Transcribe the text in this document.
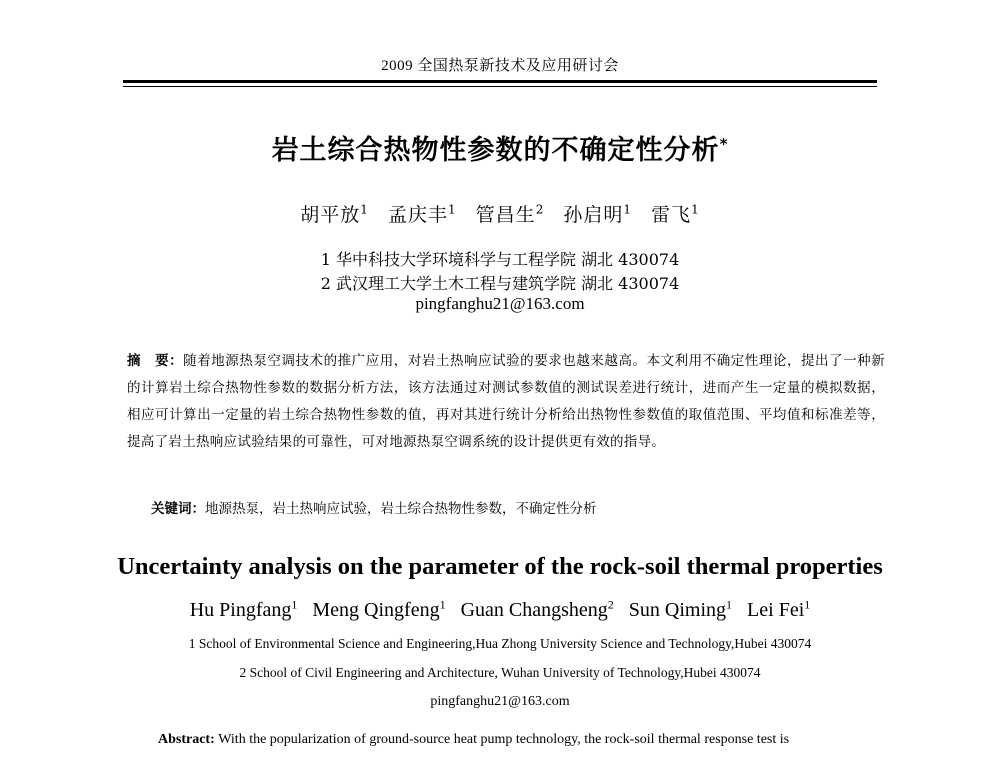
2009 全国热泵新技术及应用研讨会
岩土综合热物性参数的不确定性分析*
胡平放$^1$ 孟庆丰$^1$ 管昌生$^2$ 孙启明$^1$ 雷飞$^1$
1 华中科技大学环境科学与工程学院 湖北 430074
2 武汉理工大学土木工程与建筑学院 湖北 430074
pingfanghu21@163.com
摘　要：随着地源热泵空调技术的推广应用，对岩土热响应试验的要求也越来越高。本文利用不确定性理论，提出了一种新的计算岩土综合热物性参数的数据分析方法，该方法通过对测试参数值的测试误差进行统计，进而产生一定量的模拟数据，相应可计算出一定量的岩土综合热物性参数的值，再对其进行统计分析给出热物性参数值的取值范围、平均值和标准差等，提高了岩土热响应试验结果的可靠性，可对地源热泵空调系统的设计提供更有效的指导。
关键词：地源热泵，岩土热响应试验，岩土综合热物性参数，不确定性分析
Uncertainty analysis on the parameter of the rock-soil thermal properties
Hu Pingfang$^1$ Meng Qingfeng$^1$ Guan Changsheng$^2$ Sun Qiming$^1$ Lei Fei$^1$
1 School of Environmental Science and Engineering,Hua Zhong University Science and Technology,Hubei 430074
2 School of Civil Engineering and Architecture, Wuhan University of Technology,Hubei 430074
pingfanghu21@163.com
Abstract: With the popularization of ground-source heat pump technology, the rock-soil thermal response test is
